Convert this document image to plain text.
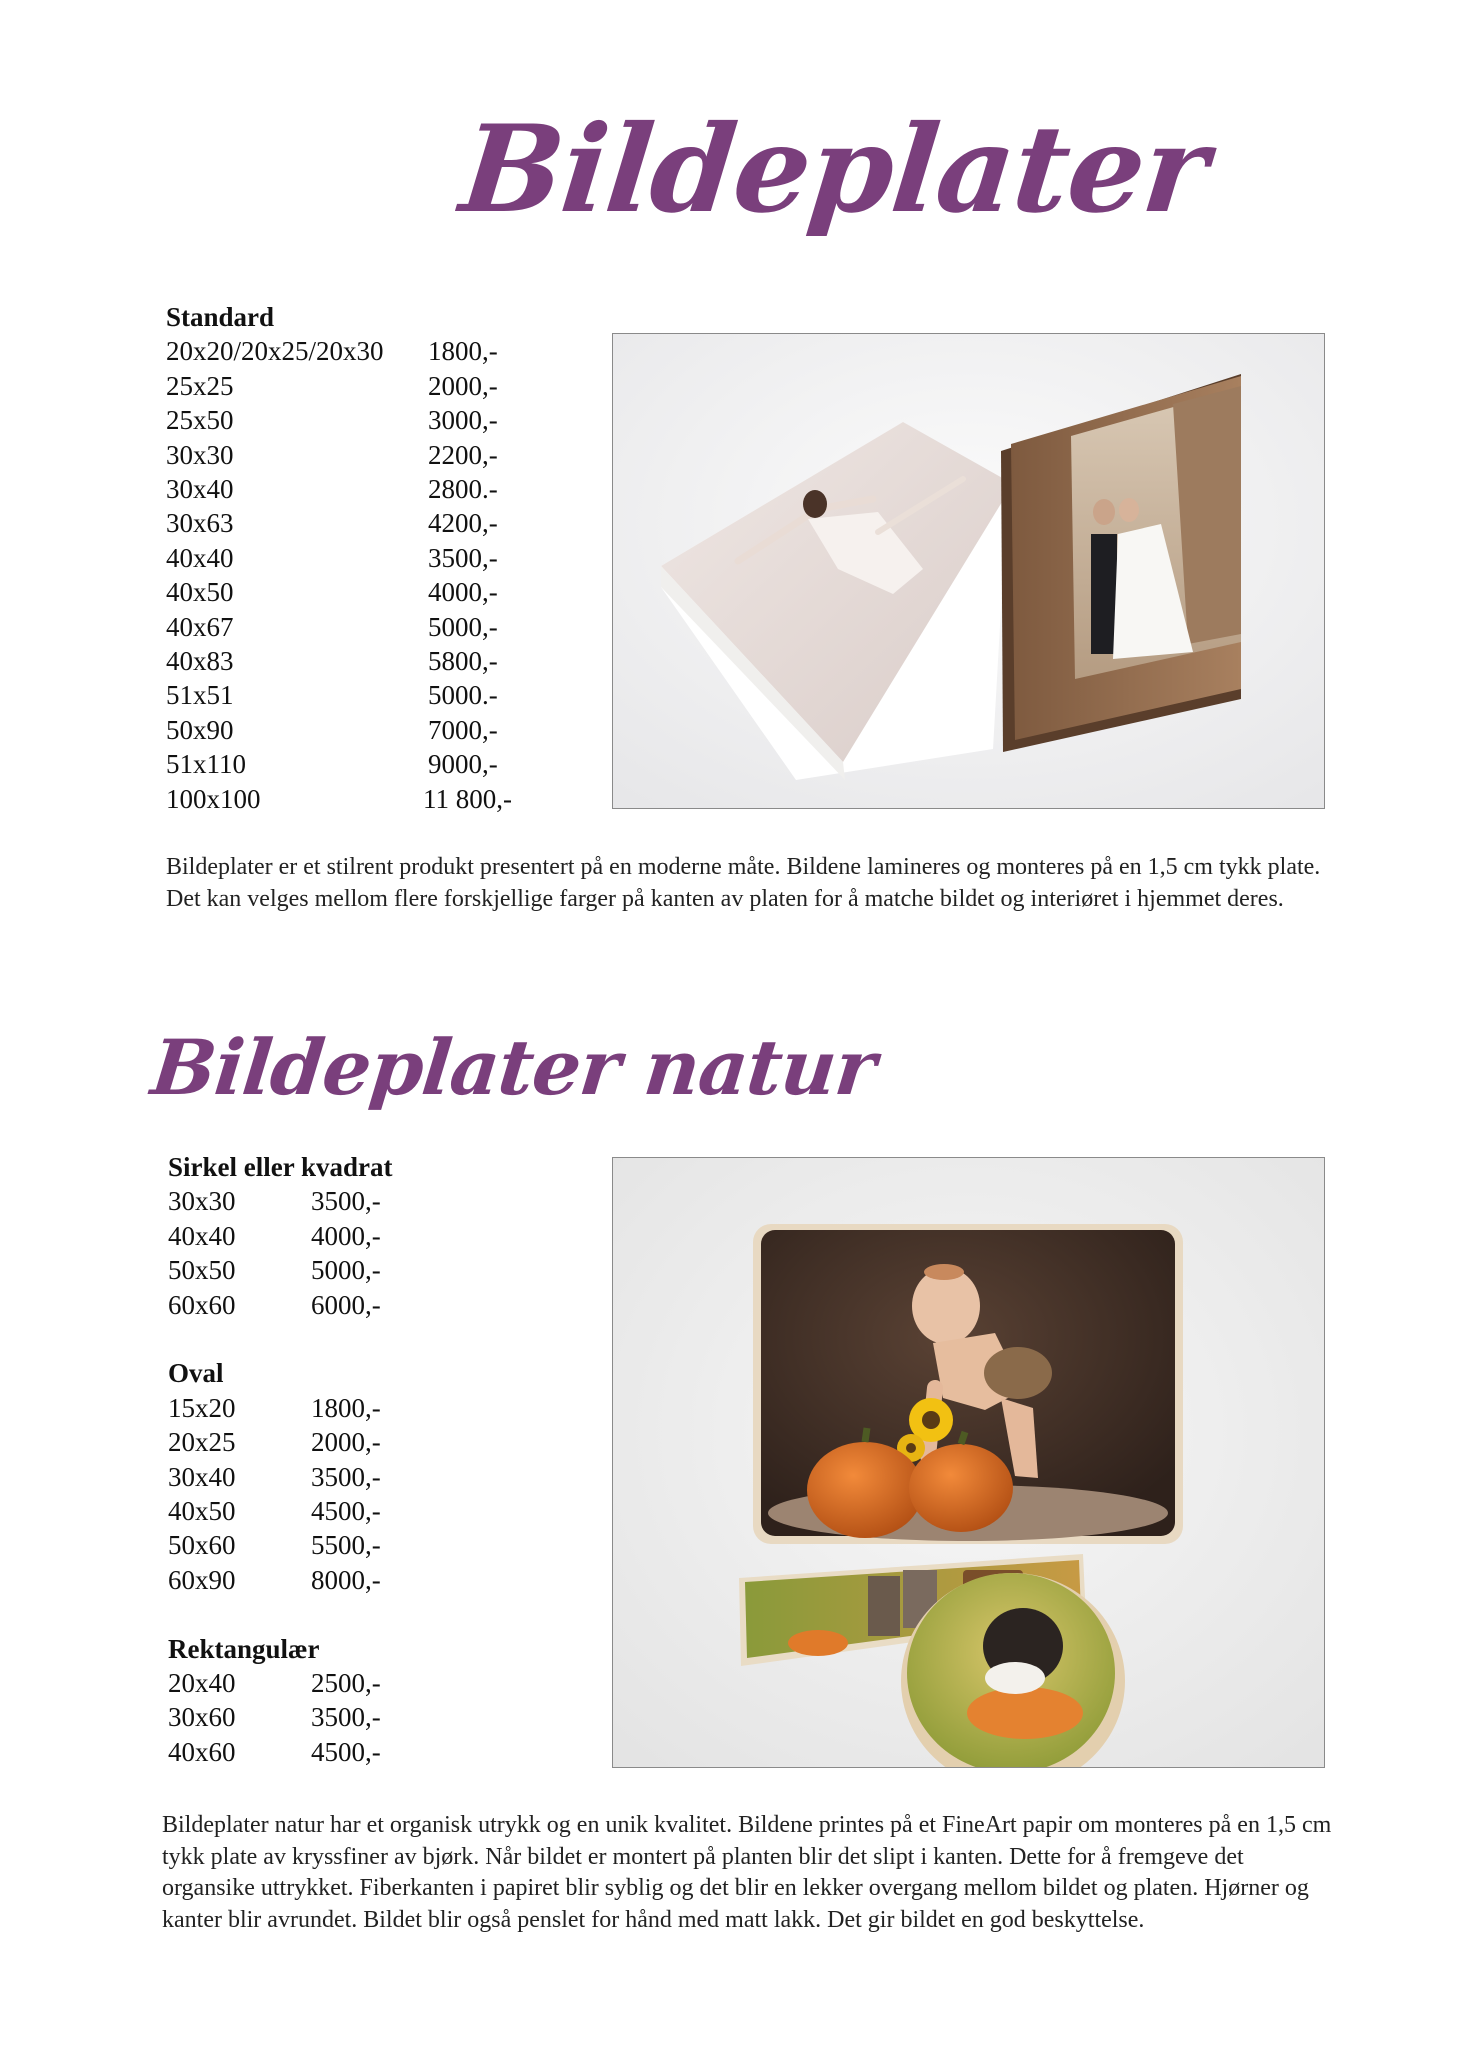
Bildeplater
Standard
20x20/20x25/20x30	1800,-
25x25	2000,-
25x50	3000,-
30x30	2200,-
30x40	2800.-
30x63	4200,-
40x40	3500,-
40x50	4000,-
40x67	5000,-
40x83	5800,-
51x51	5000.-
50x90	7000,-
51x110	9000,-
100x100	11 800,-

Bildeplater er et stilrent produkt presentert på en moderne måte. Bildene lamineres og monteres på en 1,5 cm tykk plate. Det kan velges mellom flere forskjellige farger på kanten av platen for å matche bildet og interiøret i hjemmet deres.

Bildeplater natur
Sirkel eller kvadrat
30x30	3500,-
40x40	4000,-
50x50	5000,-
60x60	6000,-
Oval
15x20	1800,-
20x25	2000,-
30x40	3500,-
40x50	4500,-
50x60	5500,-
60x90	8000,-
Rektangulær
20x40	2500,-
30x60	3500,-
40x60	4500,-

Bildeplater natur har et organisk utrykk og en unik kvalitet. Bildene printes på et FineArt papir om monteres på en 1,5 cm tykk plate av kryssfiner av bjørk. Når bildet er montert på planten blir det slipt i kanten. Dette for å fremgeve det organsike uttrykket. Fiberkanten i papiret blir syblig og det blir en lekker overgang mellom bildet og platen. Hjørner og kanter blir avrundet. Bildet blir også penslet for hånd med matt lakk. Det gir bildet en god beskyttelse.
